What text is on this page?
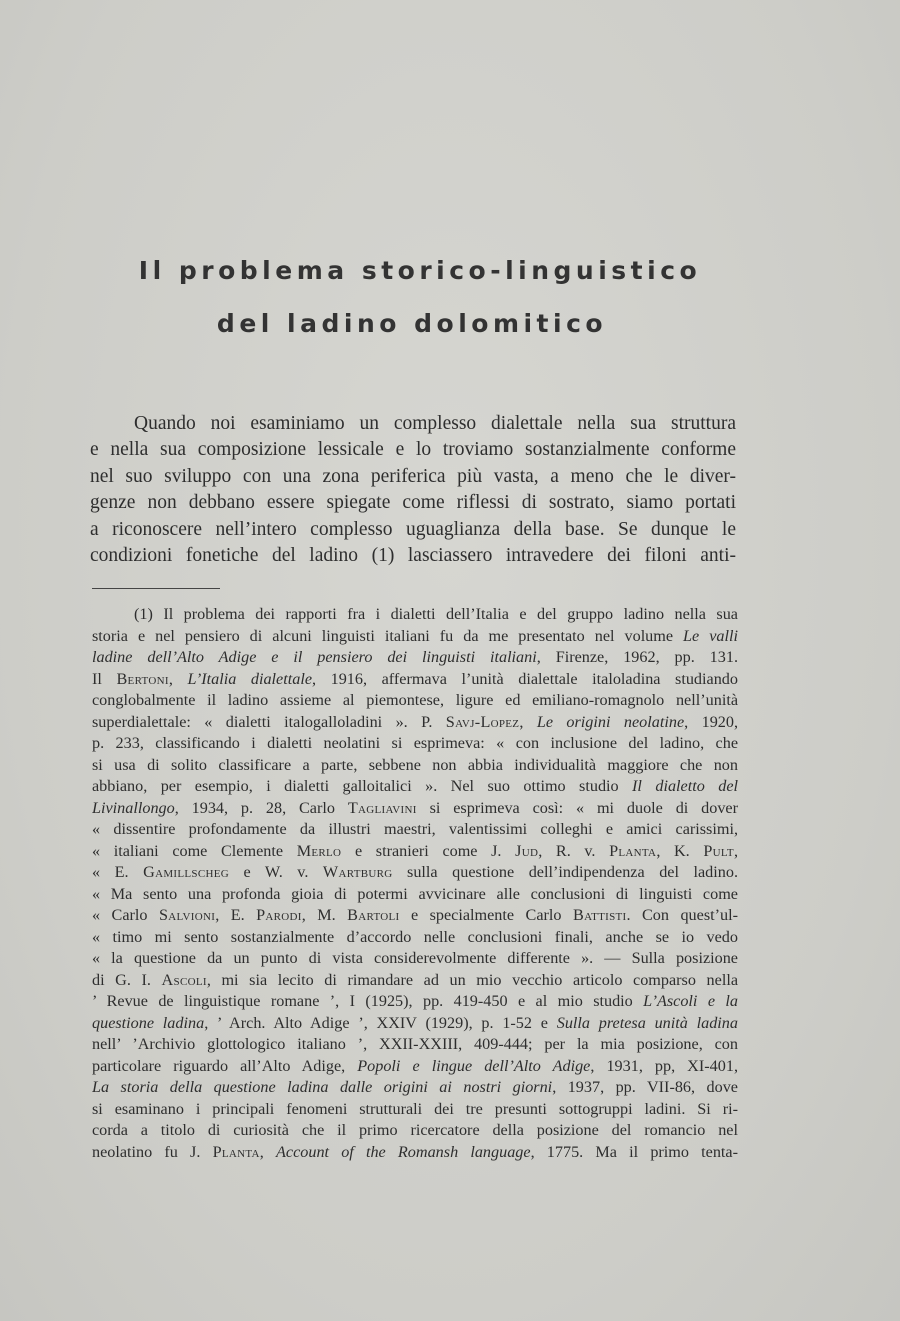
Il problema storico-linguistico
del ladino dolomitico
Quando noi esaminiamo un complesso dialettale nella sua struttura
e nella sua composizione lessicale e lo troviamo sostanzialmente conforme
nel suo sviluppo con una zona periferica più vasta, a meno che le diver-
genze non debbano essere spiegate come riflessi di sostrato, siamo portati
a riconoscere nell’intero complesso uguaglianza della base. Se dunque le
condizioni fonetiche del ladino (1) lasciassero intravedere dei filoni anti-
(1) Il problema dei rapporti fra i dialetti dell’Italia e del gruppo ladino nella sua
storia e nel pensiero di alcuni linguisti italiani fu da me presentato nel volume Le valli
ladine dell’Alto Adige e il pensiero dei linguisti italiani, Firenze, 1962, pp. 131.
Il Bertoni, L’Italia dialettale, 1916, affermava l’unità dialettale italoladina studiando
conglobalmente il ladino assieme al piemontese, ligure ed emiliano-romagnolo nell’unità
superdialettale: « dialetti italogalloladini ». P. Savj-Lopez, Le origini neolatine, 1920,
p. 233, classificando i dialetti neolatini si esprimeva: « con inclusione del ladino, che
si usa di solito classificare a parte, sebbene non abbia individualità maggiore che non
abbiano, per esempio, i dialetti galloitalici ». Nel suo ottimo studio Il dialetto del
Livinallongo, 1934, p. 28, Carlo Tagliavini si esprimeva così: « mi duole di dover
« dissentire profondamente da illustri maestri, valentissimi colleghi e amici carissimi,
« italiani come Clemente Merlo e stranieri come J. Jud, R. v. Planta, K. Pult,
« E. Gamillscheg e W. v. Wartburg sulla questione dell’indipendenza del ladino.
« Ma sento una profonda gioia di potermi avvicinare alle conclusioni di linguisti come
« Carlo Salvioni, E. Parodi, M. Bartoli e specialmente Carlo Battisti. Con quest’ul-
« timo mi sento sostanzialmente d’accordo nelle conclusioni finali, anche se io vedo
« la questione da un punto di vista considerevolmente differente ». — Sulla posizione
di G. I. Ascoli, mi sia lecito di rimandare ad un mio vecchio articolo comparso nella
’ Revue de linguistique romane ’, I (1925), pp. 419-450 e al mio studio L’Ascoli e la
questione ladina, ’ Arch. Alto Adige ’, XXIV (1929), p. 1-52 e Sulla pretesa unità ladina
nell’ ’Archivio glottologico italiano ’, XXII-XXIII, 409-444; per la mia posizione, con
particolare riguardo all’Alto Adige, Popoli e lingue dell’Alto Adige, 1931, pp, XI-401,
La storia della questione ladina dalle origini ai nostri giorni, 1937, pp. VII-86, dove
si esaminano i principali fenomeni strutturali dei tre presunti sottogruppi ladini. Si ri-
corda a titolo di curiosità che il primo ricercatore della posizione del romancio nel
neolatino fu J. Planta, Account of the Romansh language, 1775. Ma il primo tenta-
